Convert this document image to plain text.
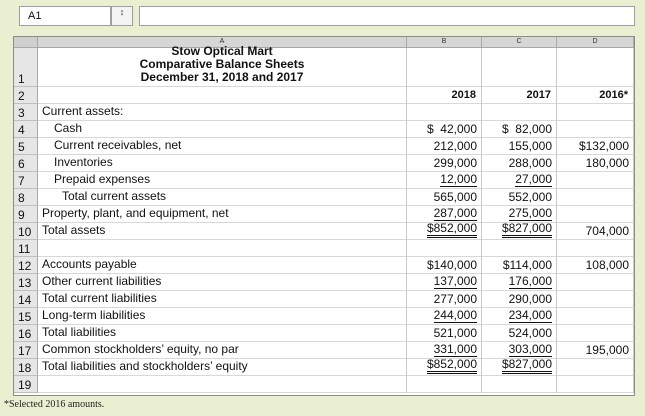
A1	↕
A	B	C	D
1
2
3
4
5
6
7
8
9
10
11
12
13
14
15
16
17
18
19
Stow Optical Mart
Comparative Balance Sheets
December 31, 2018 and 2017
2018	2017	2016*
Current assets:
Cash	$  42,000 $  82,000
Current receivables, net	212,000	155,000 $132,000
Inventories	299,000	288,000	180,000
Prepaid expenses	12,000	27,000
Total current assets	565,000	552,000
Property, plant, and equipment, net	287,000	275,000
Total assets	$852,000 $827,000	704,000
Accounts payable	$140,000 $114,000	108,000
Other current liabilities	137,000	176,000
Total current liabilities	277,000	290,000
Long-term liabilities	244,000	234,000
Total liabilities	521,000	524,000
Common stockholders’ equity, no par	331,000	303,000	195,000
Total liabilities and stockholders’ equity	$852,000 $827,000
*Selected 2016 amounts.
